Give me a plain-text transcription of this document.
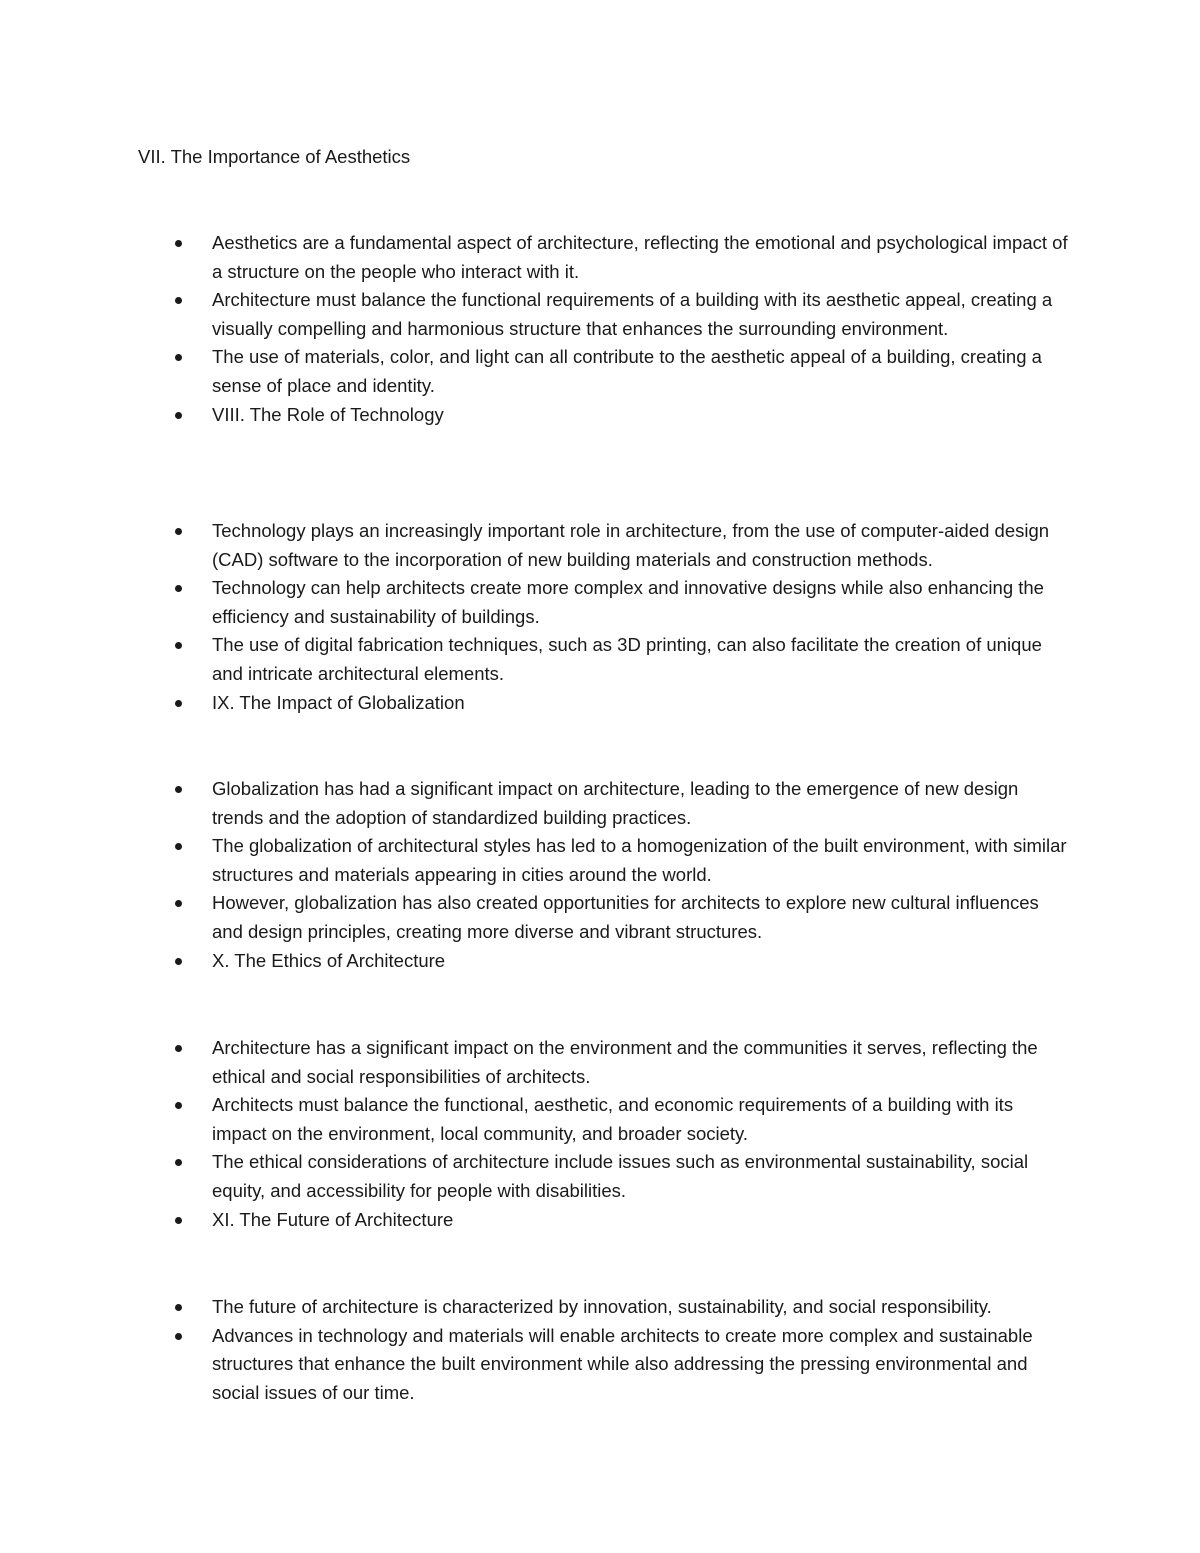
VII. The Importance of Aesthetics
Aesthetics are a fundamental aspect of architecture, reflecting the emotional and psychological impact of a structure on the people who interact with it.
Architecture must balance the functional requirements of a building with its aesthetic appeal, creating a visually compelling and harmonious structure that enhances the surrounding environment.
The use of materials, color, and light can all contribute to the aesthetic appeal of a building, creating a sense of place and identity.
VIII. The Role of Technology
Technology plays an increasingly important role in architecture, from the use of computer-aided design (CAD) software to the incorporation of new building materials and construction methods.
Technology can help architects create more complex and innovative designs while also enhancing the efficiency and sustainability of buildings.
The use of digital fabrication techniques, such as 3D printing, can also facilitate the creation of unique and intricate architectural elements.
IX. The Impact of Globalization
Globalization has had a significant impact on architecture, leading to the emergence of new design trends and the adoption of standardized building practices.
The globalization of architectural styles has led to a homogenization of the built environment, with similar structures and materials appearing in cities around the world.
However, globalization has also created opportunities for architects to explore new cultural influences and design principles, creating more diverse and vibrant structures.
X. The Ethics of Architecture
Architecture has a significant impact on the environment and the communities it serves, reflecting the ethical and social responsibilities of architects.
Architects must balance the functional, aesthetic, and economic requirements of a building with its impact on the environment, local community, and broader society.
The ethical considerations of architecture include issues such as environmental sustainability, social equity, and accessibility for people with disabilities.
XI. The Future of Architecture
The future of architecture is characterized by innovation, sustainability, and social responsibility.
Advances in technology and materials will enable architects to create more complex and sustainable structures that enhance the built environment while also addressing the pressing environmental and social issues of our time.
